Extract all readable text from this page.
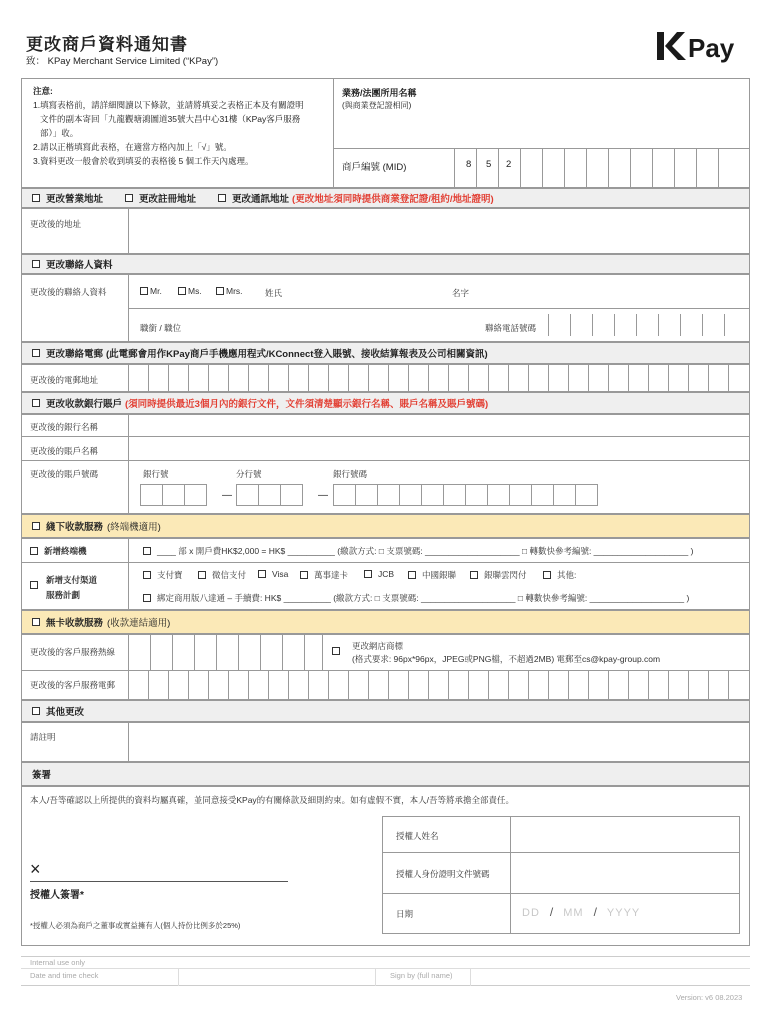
更改商戶資料通知書
致： KPay Merchant Service Limited (“KPay”)	Pay
注意:
1.填寫表格前，請詳細閱讀以下條款，並請將填妥之表格正本及有關證明
文件的副本寄回「九龍觀塘鴻圖道35號大昌中心31樓（KPay客戶服務
部）」收。
2.請以正楷填寫此表格，在適當方格內加上「√」號。
3.資料更改一般會於收到填妥的表格後 5 個工作天內處理。
業務/法團所用名稱
(與商業登記證相同)
商戶編號 (MID)	8 5 2
更改營業地址	更改註冊地址	更改通訊地址 (更改地址須同時提供商業登記證/租約/地址證明)
更改後的地址
更改聯絡人資料
更改後的聯絡人資料	Mr.	Ms.	Mrs.	姓氏	名字
職銜 / 職位	聯絡電話號碼
更改聯絡電郵 (此電郵會用作KPay商戶手機應用程式/KConnect登入賬號、接收結算報表及公司相關資訊)
更改後的電郵地址
更改收款銀行賬戶 (須同時提供最近3個月內的銀行文件，文件須清楚顯示銀行名稱、賬戶名稱及賬戶號碼)
更改後的銀行名稱
更改後的賬戶名稱
更改後的賬戶號碼	銀行號	分行號	銀行號碼
—	—
綫下收款服務 (終端機適用)
新增終端機	____ 部 x 開戶費HK$2,000 = HK$ __________ (繳款方式: □ 支票號碼: ____________________ □ 轉數快參考編號: ____________________ )
新增支付渠道
服務計劃
支付寶	微信支付	Visa	萬事達卡	JCB	中國銀聯	銀聯雲閃付	其他:
綁定商用版八達通 – 手續費: HK$ __________ (繳款方式: □ 支票號碼: ____________________ □ 轉數快參考編號: ____________________ )
無卡收款服務 (收款連結適用)
更改後的客戶服務熱線
更改網店商標
(格式要求: 96px*96px，JPEG或PNG檔，不超過2MB) 電郵至cs@kpay-group.com
更改後的客戶服務電郵
其他更改
請註明
簽署
本人/吾等確認以上所提供的資料均屬真確，並同意接受KPay的有關條款及細則約束。如有虛假不實，本人/吾等將承擔全部責任。
授權人姓名
授權人身份證明文件號碼
日期	DD / MM / YYYY
×
授權人簽署*
*授權人必須為商戶之董事或實益擁有人(個人持份比例多於25%)
Internal use only
Date and time check	Sign by (full name)
Version: v6 08.2023
